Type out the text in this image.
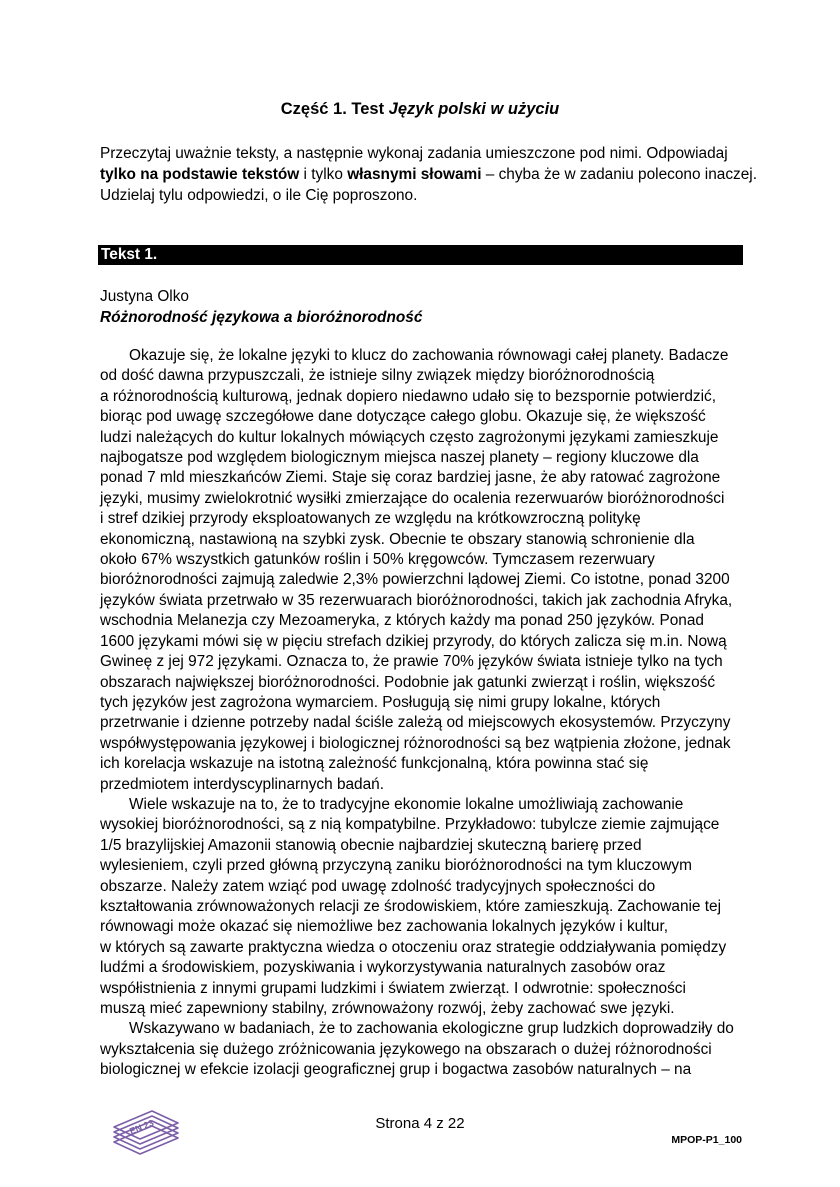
Część 1. Test Język polski w użyciu
Przeczytaj uważnie teksty, a następnie wykonaj zadania umieszczone pod nimi. Odpowiadaj tylko na podstawie tekstów i tylko własnymi słowami – chyba że w zadaniu polecono inaczej. Udzielaj tylu odpowiedzi, o ile Cię poproszono.
Tekst 1.
Justyna Olko
Różnorodność językowa a bioróżnorodność
Okazuje się, że lokalne języki to klucz do zachowania równowagi całej planety. Badacze
od dość dawna przypuszczali, że istnieje silny związek między bioróżnorodnością
a różnorodnością kulturową, jednak dopiero niedawno udało się to bezspornie potwierdzić,
biorąc pod uwagę szczegółowe dane dotyczące całego globu. Okazuje się, że większość
ludzi należących do kultur lokalnych mówiących często zagrożonymi językami zamieszkuje
najbogatsze pod względem biologicznym miejsca naszej planety – regiony kluczowe dla
ponad 7 mld mieszkańców Ziemi. Staje się coraz bardziej jasne, że aby ratować zagrożone
języki, musimy zwielokrotnić wysiłki zmierzające do ocalenia rezerwuarów bioróżnorodności
i stref dzikiej przyrody eksploatowanych ze względu na krótkowzroczną politykę
ekonomiczną, nastawioną na szybki zysk. Obecnie te obszary stanowią schronienie dla
około 67% wszystkich gatunków roślin i 50% kręgowców. Tymczasem rezerwuary
bioróżnorodności zajmują zaledwie 2,3% powierzchni lądowej Ziemi. Co istotne, ponad 3200
języków świata przetrwało w 35 rezerwuarach bioróżnorodności, takich jak zachodnia Afryka,
wschodnia Melanezja czy Mezoameryka, z których każdy ma ponad 250 języków. Ponad
1600 językami mówi się w pięciu strefach dzikiej przyrody, do których zalicza się m.in. Nową
Gwineę z jej 972 językami. Oznacza to, że prawie 70% języków świata istnieje tylko na tych
obszarach największej bioróżnorodności. Podobnie jak gatunki zwierząt i roślin, większość
tych języków jest zagrożona wymarciem. Posługują się nimi grupy lokalne, których
przetrwanie i dzienne potrzeby nadal ściśle zależą od miejscowych ekosystemów. Przyczyny
współwystępowania językowej i biologicznej różnorodności są bez wątpienia złożone, jednak
ich korelacja wskazuje na istotną zależność funkcjonalną, która powinna stać się
przedmiotem interdyscyplinarnych badań.
Wiele wskazuje na to, że to tradycyjne ekonomie lokalne umożliwiają zachowanie
wysokiej bioróżnorodności, są z nią kompatybilne. Przykładowo: tubylcze ziemie zajmujące
1/5 brazylijskiej Amazonii stanowią obecnie najbardziej skuteczną barierę przed
wylesieniem, czyli przed główną przyczyną zaniku bioróżnorodności na tym kluczowym
obszarze. Należy zatem wziąć pod uwagę zdolność tradycyjnych społeczności do
kształtowania zrównoważonych relacji ze środowiskiem, które zamieszkują. Zachowanie tej
równowagi może okazać się niemożliwe bez zachowania lokalnych języków i kultur,
w których są zawarte praktyczna wiedza o otoczeniu oraz strategie oddziaływania pomiędzy
ludźmi a środowiskiem, pozyskiwania i wykorzystywania naturalnych zasobów oraz
współistnienia z innymi grupami ludzkimi i światem zwierząt. I odwrotnie: społeczności
muszą mieć zapewniony stabilny, zrównoważony rozwój, żeby zachować swe języki.
Wskazywano w badaniach, że to zachowania ekologiczne grup ludzkich doprowadziły do
wykształcenia się dużego zróżnicowania językowego na obszarach o dużej różnorodności
biologicznej w efekcie izolacji geograficznej grup i bogactwa zasobów naturalnych – na
EN 23	Strona 4 z 22
MPOP-P1_100
